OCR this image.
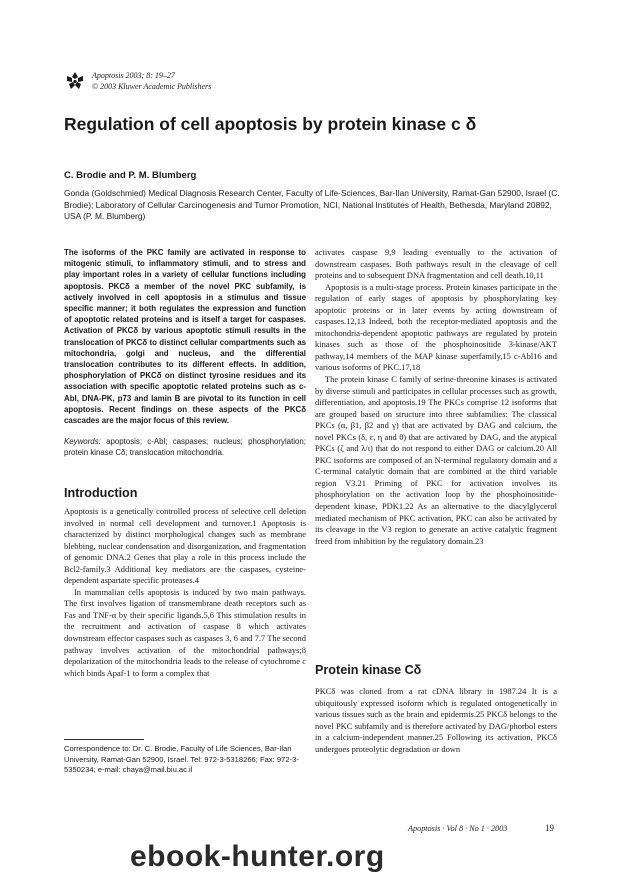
Apoptosis 2003; 8: 19–27
© 2003 Kluwer Academic Publishers
Regulation of cell apoptosis by protein kinase c δ
C. Brodie and P. M. Blumberg
Gonda (Goldschmied) Medical Diagnosis Research Center, Faculty of Life-Sciences, Bar-Ilan University, Ramat-Gan 52900, Israel (C. Brodie); Laboratory of Cellular Carcinogenesis and Tumor Promotion, NCI, National Institutes of Health, Bethesda, Maryland 20892, USA (P. M. Blumberg)

The isoforms of the PKC family are activated in response to mitogenic stimuli, to inflammatory stimuli, and to stress and play important roles in a variety of cellular functions including apoptosis. PKCδ a member of the novel PKC subfamily, is actively involved in cell apoptosis in a stimulus and tissue specific manner; it both regulates the expression and function of apoptotic related proteins and is itself a target for caspases. Activation of PKCδ by various apoptotic stimuli results in the translocation of PKCδ to distinct cellular compartments such as mitochondria, golgi and nucleus, and the differential translocation contributes to its different effects. In addition, phosphorylation of PKCδ on distinct tyrosine residues and its association with specific apoptotic related proteins such as c-Abl, DNA-PK, p73 and lamin B are pivotal to its function in cell apoptosis. Recent findings on these aspects of the PKCδ cascades are the major focus of this review.

Keywords: apoptosis; c-Abl; caspases; nucleus; phosphorylation; protein kinase Cδ; translocation mitochondria.

Introduction

Apoptosis is a genetically controlled process of selective cell deletion involved in normal cell development and turnover.1 Apoptosis is characterized by distinct morphological changes such as membrane blebbing, nuclear condensation and disorganization, and fragmentation of genomic DNA.2 Genes that play a role in this process include the Bcl2-family.3 Additional key mediators are the caspases, cysteine-dependent aspartate specific proteases.4

In mammalian cells apoptosis is induced by two main pathways. The first involves ligation of transmembrane death receptors such as Fas and TNF-α by their specific ligands.5,6 This stimulation results in the recruitment and activation of caspase 8 which activates downstream effector caspases such as caspases 3, 6 and 7.7 The second pathway involves activation of the mitochondrial pathways;8 depolarization of the mitochondria leads to the release of cytochrome c which binds Apaf-1 to form a complex that

Correspondence to: Dr. C. Brodie, Faculty of Life Sciences, Bar-Ilan University, Ramat-Gan 52900, Israel. Tel: 972-3-5318266; Fax: 972-3-5350234; e-mail: chaya@mail.biu.ac.il

activates caspase 9,9 leading eventually to the activation of downstream caspases. Both pathways result in the cleavage of cell proteins and to subsequent DNA fragmentation and cell death.10,11

Apoptosis is a multi-stage process. Protein kinases participate in the regulation of early stages of apoptosis by phosphorylating key apoptotic proteins or in later events by acting downstream of caspases.12,13 Indeed, both the receptor-mediated apoptosis and the mitochondria-dependent apoptotic pathways are regulated by protein kinases such as those of the phosphoinositide 3-kinase/AKT pathway,14 members of the MAP kinase superfamily,15 c-Abl16 and various isoforms of PKC.17,18

The protein kinase C family of serine-threonine kinases is activated by diverse stimuli and participates in cellular processes such as growth, differentiation, and apoptosis.19 The PKCs comprise 12 isoforms that are grouped based on structure into three subfamilies: The classical PKCs (α, β1, β2 and γ) that are activated by DAG and calcium, the novel PKCs (δ, ε, η and θ) that are activated by DAG, and the atypical PKCs (ζ and λ/ι) that do not respond to either DAG or calcium.20 All PKC isoforms are composed of an N-terminal regulatory domain and a C-terminal catalytic domain that are combined at the third variable region V3.21 Priming of PKC for activation involves its phosphorylation on the activation loop by the phosphoinositide-dependent kinase, PDK1.22 As an alternative to the diacylglycerol mediated mechanism of PKC activation, PKC can also be activated by its cleavage in the V3 region to generate an active catalytic fragment freed from inhibition by the regulatory domain.23

Protein kinase Cδ

PKCδ was cloned from a rat cDNA library in 1987.24 It is a ubiquitously expressed isoform which is regulated ontogenetically in various tissues such as the brain and epidermis.25 PKCδ belongs to the novel PKC subfamily and is therefore activated by DAG/phorbol esters in a calcium-independent manner.25 Following its activation, PKCδ undergoes proteolytic degradation or down

Apoptosis · Vol 8 · No 1 · 2003	19
ebook-hunter.org
